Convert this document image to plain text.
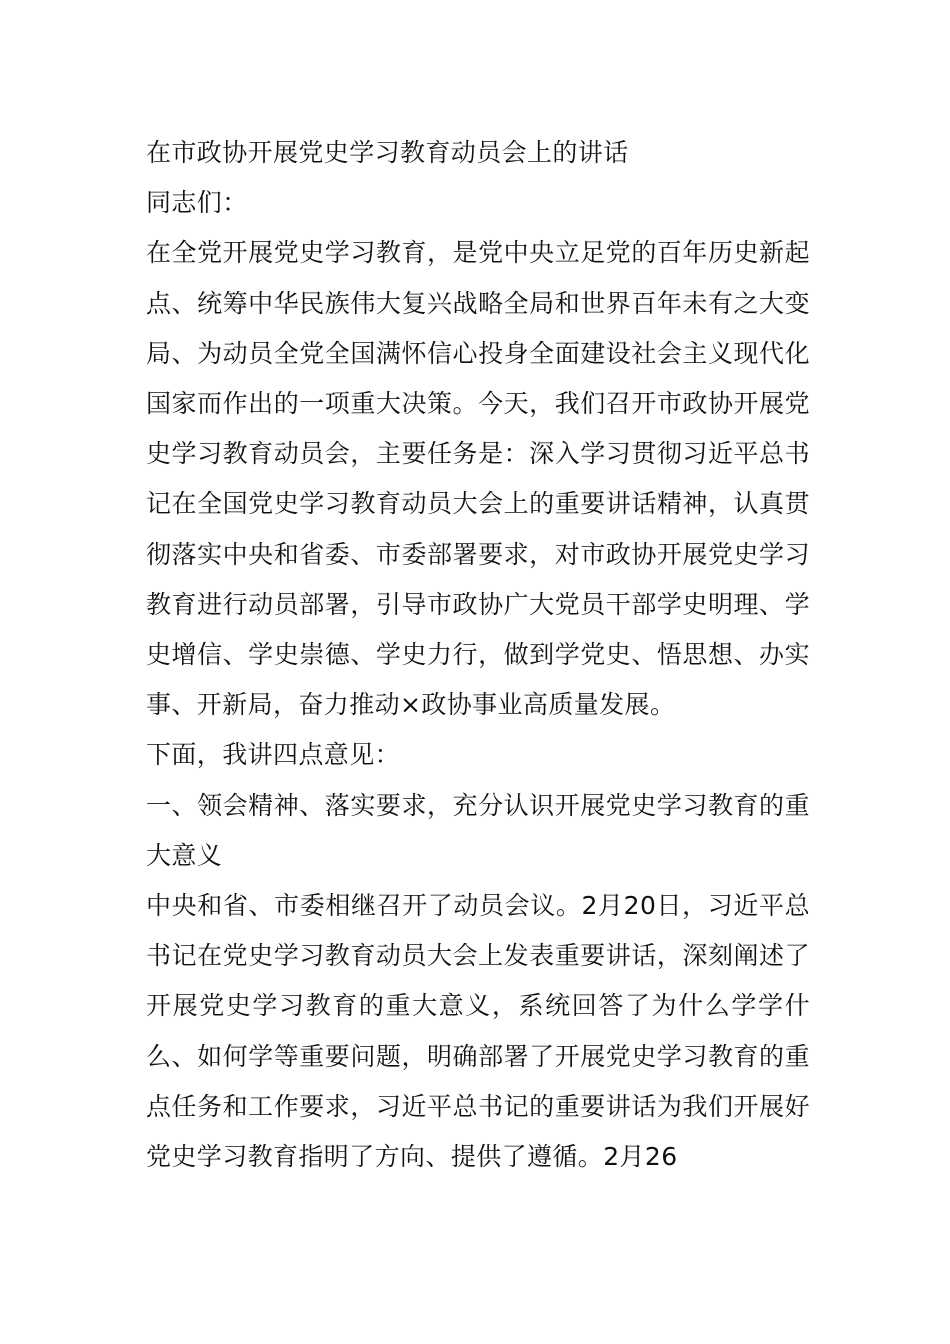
在市政协开展党史学习教育动员会上的讲话

同志们：

在全党开展党史学习教育，是党中央立足党的百年历史新起点、统筹中华民族伟大复兴战略全局和世界百年未有之大变局、为动员全党全国满怀信心投身全面建设社会主义现代化国家而作出的一项重大决策。今天，我们召开市政协开展党史学习教育动员会，主要任务是：深入学习贯彻习近平总书记在全国党史学习教育动员大会上的重要讲话精神，认真贯彻落实中央和省委、市委部署要求，对市政协开展党史学习教育进行动员部署，引导市政协广大党员干部学史明理、学史增信、学史崇德、学史力行，做到学党史、悟思想、办实事、开新局，奋力推动×政协事业高质量发展。

下面，我讲四点意见：

一、领会精神、落实要求，充分认识开展党史学习教育的重大意义

中央和省、市委相继召开了动员会议。2月20日，习近平总书记在党史学习教育动员大会上发表重要讲话，深刻阐述了开展党史学习教育的重大意义，系统回答了为什么学学什么、如何学等重要问题，明确部署了开展党史学习教育的重点任务和工作要求，习近平总书记的重要讲话为我们开展好党史学习教育指明了方向、提供了遵循。2月26
